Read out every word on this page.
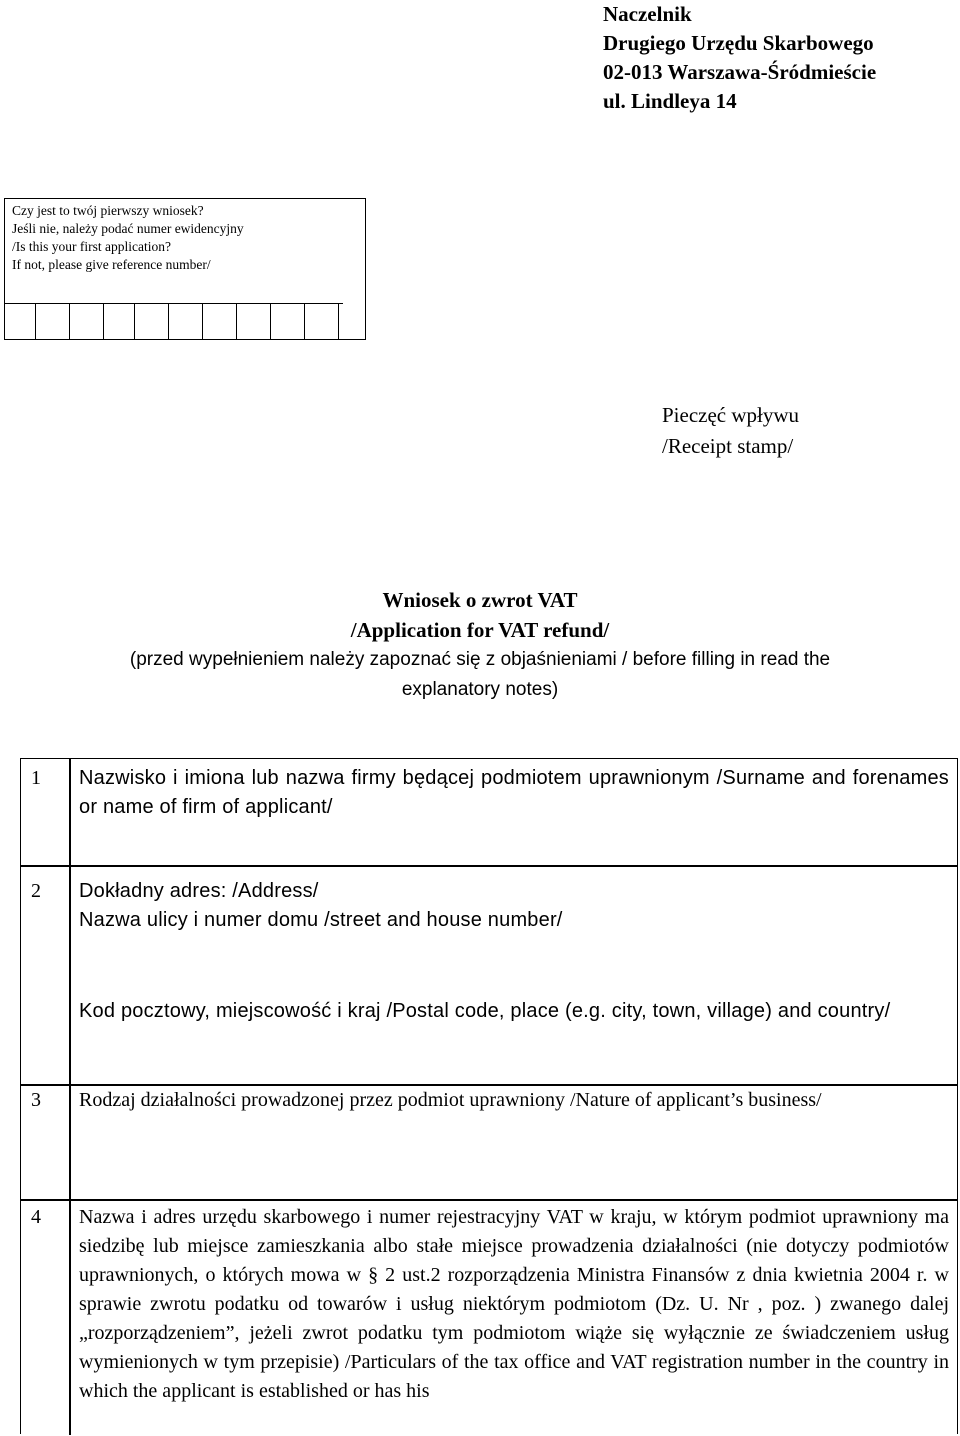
Naczelnik
Drugiego Urzędu Skarbowego
02-013 Warszawa-Śródmieście
ul. Lindleya 14
Czy jest to twój pierwszy wniosek?
Jeśli nie, należy podać numer ewidencyjny
/Is this your first application?
If not, please give reference number/
Pieczęć wpływu
/Receipt stamp/
Wniosek o zwrot VAT
/Application for VAT refund/
(przed wypełnieniem należy zapoznać się z objaśnieniami / before filling in read the
explanatory notes)
1 Nazwisko i imiona lub nazwa firmy będącej podmiotem uprawnionym /Surname and forenames or name of firm of applicant/
2 Dokładny adres: /Address/
Nazwa ulicy i numer domu /street and house number/
Kod pocztowy, miejscowość i kraj /Postal code, place (e.g. city, town, village) and country/
3 Rodzaj działalności prowadzonej przez podmiot uprawniony /Nature of applicant’s business/
4 Nazwa i adres urzędu skarbowego i numer rejestracyjny VAT w kraju, w którym podmiot uprawniony ma siedzibę lub miejsce zamieszkania albo stałe miejsce prowadzenia działalności (nie dotyczy podmiotów uprawnionych, o których mowa w § 2 ust.2 rozporządzenia Ministra Finansów z dnia kwietnia 2004 r. w sprawie zwrotu podatku od towarów i usług niektórym podmiotom (Dz. U. Nr , poz. ) zwanego dalej „rozporządzeniem”, jeżeli zwrot podatku tym podmiotom wiąże się wyłącznie ze świadczeniem usług wymienionych w tym przepisie) /Particulars of the tax office and VAT registration number in the country in which the applicant is established or has his
